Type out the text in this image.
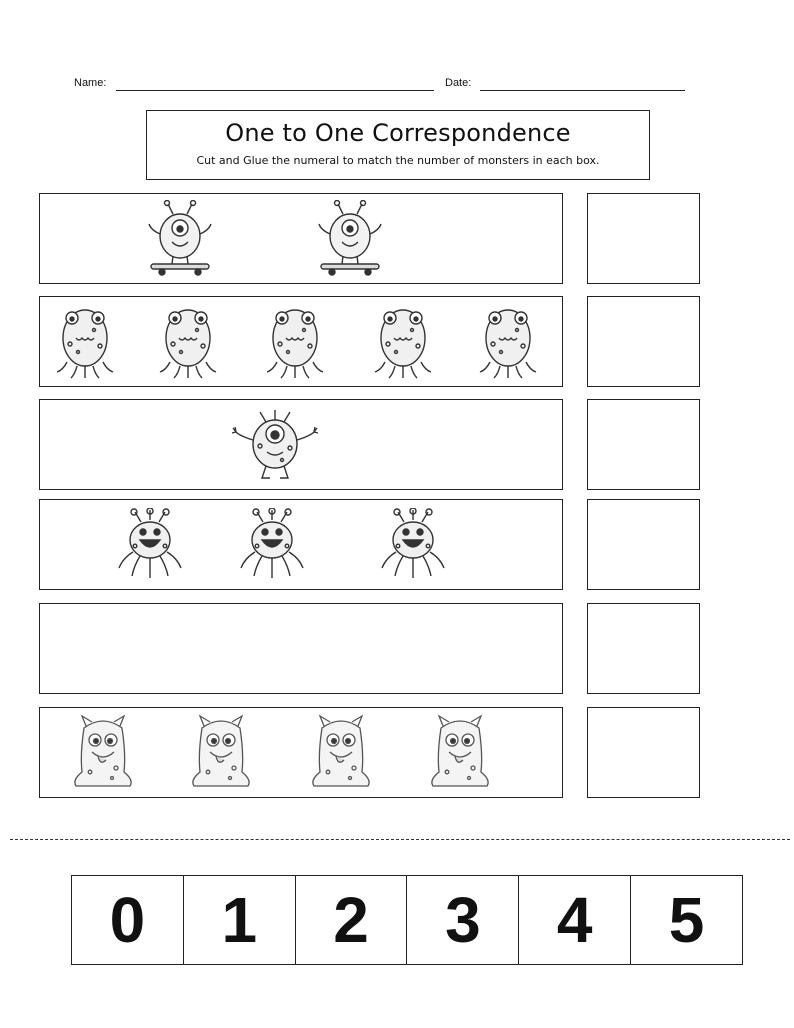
Name:	Date:
One to One Correspondence
Cut and Glue the numeral to match the number of monsters in each box.
0	1	2	3	4	5
